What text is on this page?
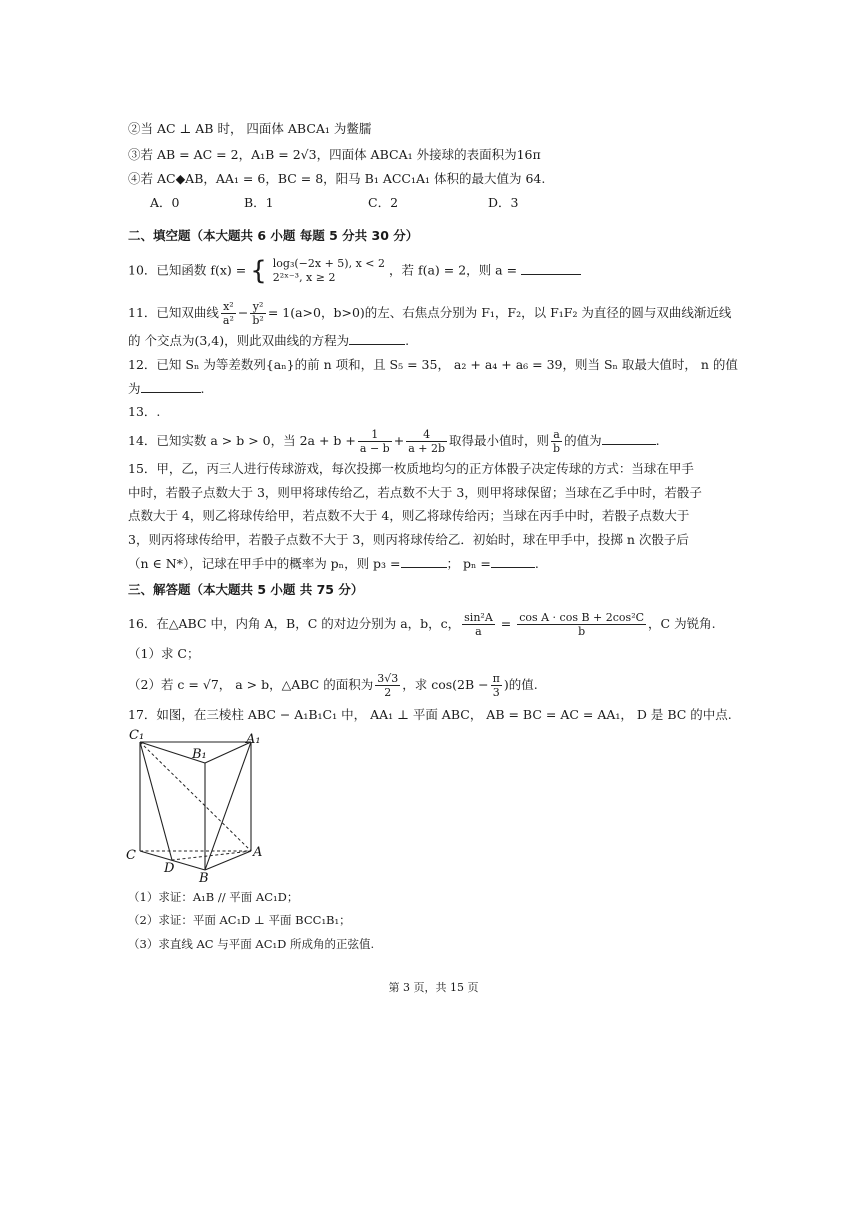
②当 AC ⊥ AB 时， 四面体 ABCA₁ 为鳖臑
③若 AB = AC = 2，A₁B = 2√3，四面体 ABCA₁ 外接球的表面积为16π
④若 AC◆AB，AA₁ = 6，BC = 8，阳马 B₁ ACC₁A₁ 体积的最大值为 64.
A．0	B．1	C．2	D．3
二、填空题（本大题共 6 小题 每题 5 分共 30 分）
10．已知函数 f(x) = { log₃(−2x + 5), x < 2
2²ˣ⁻³, x ≥ 2	，若 f(a) = 2，则 a =
11．已知双曲线 $\frac{\text{x²}}{\text{a²}} - \frac{\text{y²}}{\text{b²}} = 1(a>0$，b>0)的左、右焦点分别为 F₁，F₂，以 F₁F₂ 为直径的圆与双曲线渐近线
的 个交点为(3,4)，则此双曲线的方程为	.
12．已知 Sₙ 为等差数列{aₙ}的前 n 项和，且 S₅ = 35， a₂ + a₄ + a₆ = 39，则当 Sₙ 取最大值时， n 的值
为	.
13．.
14．已知实数 a > b > 0，当 $2a + b + \frac{1}{a - b} + \frac{4}{a + 2b}$ 取得最小值时，则 $\frac{a}{b}$ 的值为	.
15．甲，乙，丙三人进行传球游戏，每次投掷一枚质地均匀的正方体骰子决定传球的方式：当球在甲手
中时，若骰子点数大于 3，则甲将球传给乙，若点数不大于 3，则甲将球保留；当球在乙手中时，若骰子
点数大于 4，则乙将球传给甲，若点数不大于 4，则乙将球传给丙；当球在丙手中时，若骰子点数大于
3，则丙将球传给甲，若骰子点数不大于 3，则丙将球传给乙．初始时，球在甲手中，投掷 n 次骰子后
（n ∈ N*），记球在甲手中的概率为 pₙ，则 p₃ =	； pₙ =	.
三、解答题（本大题共 5 小题 共 75 分）
16．在△ABC 中，内角 A，B，C 的对边分别为 a，b，c， $\frac{\text{sin²A}}{a} = \frac{\text{cos A · cos B + 2cos²C}}{b}$ ，C 为锐角.
（1）求 C；
（2）若 c = √7， a > b，△ABC 的面积为 $\frac{3√3}{2}$ ，求 $\cos(2B - \frac{\pi}{3}$ )的值.
17．如图，在三棱柱 ABC − A₁B₁C₁ 中， AA₁ ⊥ 平面 ABC， AB = BC = AC = AA₁， D 是 BC 的中点.
C₁
B₁
A₁
C
D
A
B
（1）求证：A₁B // 平面 AC₁D；
（2）求证：平面 AC₁D ⊥ 平面 BCC₁B₁；
（3）求直线 AC 与平面 AC₁D 所成角的正弦值.
第 3 页，共 15 页
